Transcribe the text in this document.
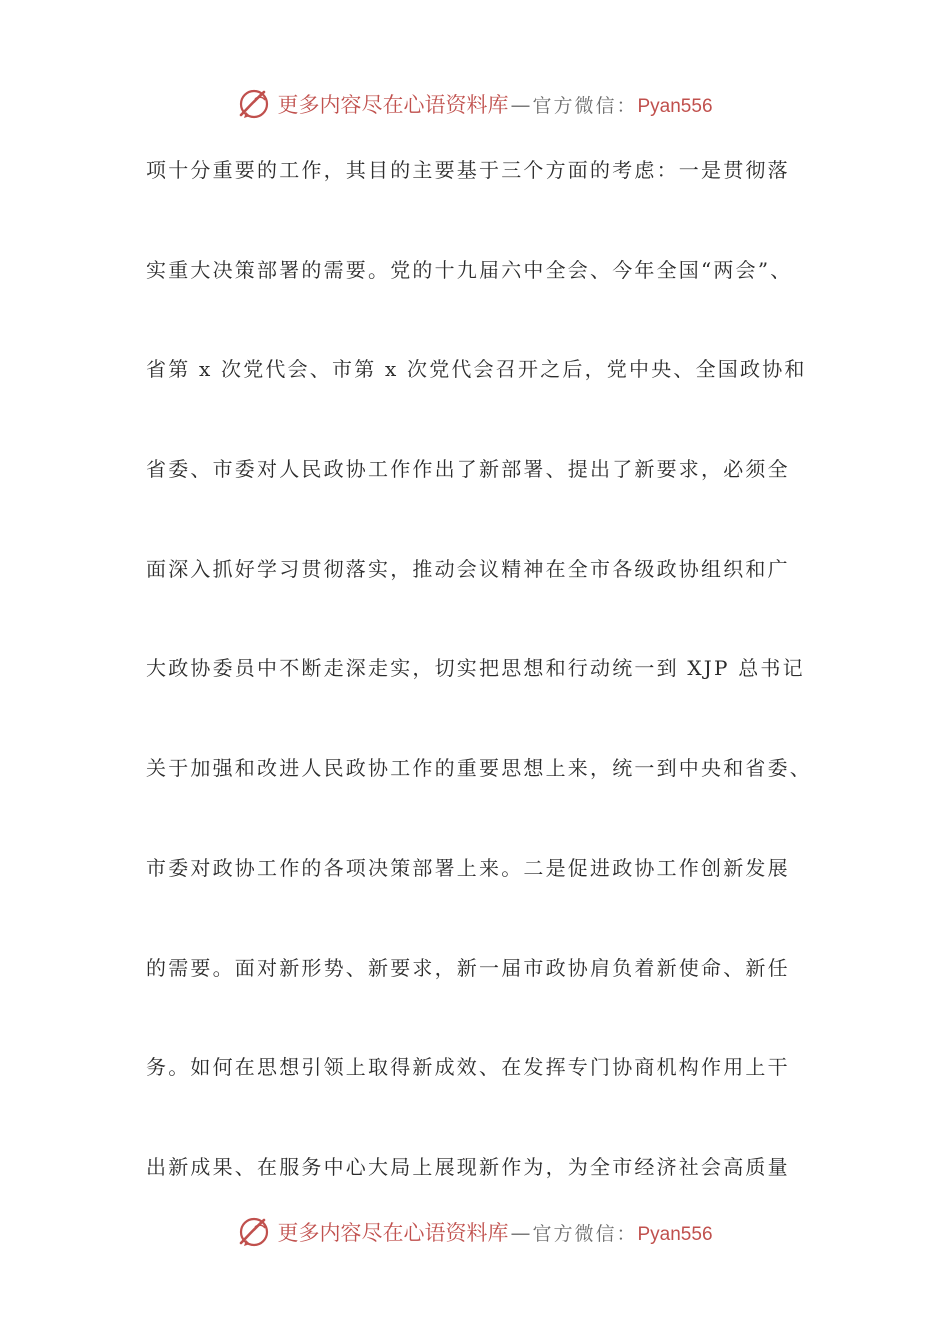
更多内容尽在心语资料库 — 官方微信： Pyan556
项十分重要的工作，其目的主要基于三个方面的考虑：一是贯彻落
实重大决策部署的需要。党的十九届六中全会、今年全国“两会”、
省第 x 次党代会、市第 x 次党代会召开之后，党中央、全国政协和
省委、市委对人民政协工作作出了新部署、提出了新要求，必须全
面深入抓好学习贯彻落实，推动会议精神在全市各级政协组织和广
大政协委员中不断走深走实，切实把思想和行动统一到 XJP 总书记
关于加强和改进人民政协工作的重要思想上来，统一到中央和省委、
市委对政协工作的各项决策部署上来。二是促进政协工作创新发展
的需要。面对新形势、新要求，新一届市政协肩负着新使命、新任
务。如何在思想引领上取得新成效、在发挥专门协商机构作用上干
出新成果、在服务中心大局上展现新作为，为全市经济社会高质量
更多内容尽在心语资料库 — 官方微信： Pyan556
